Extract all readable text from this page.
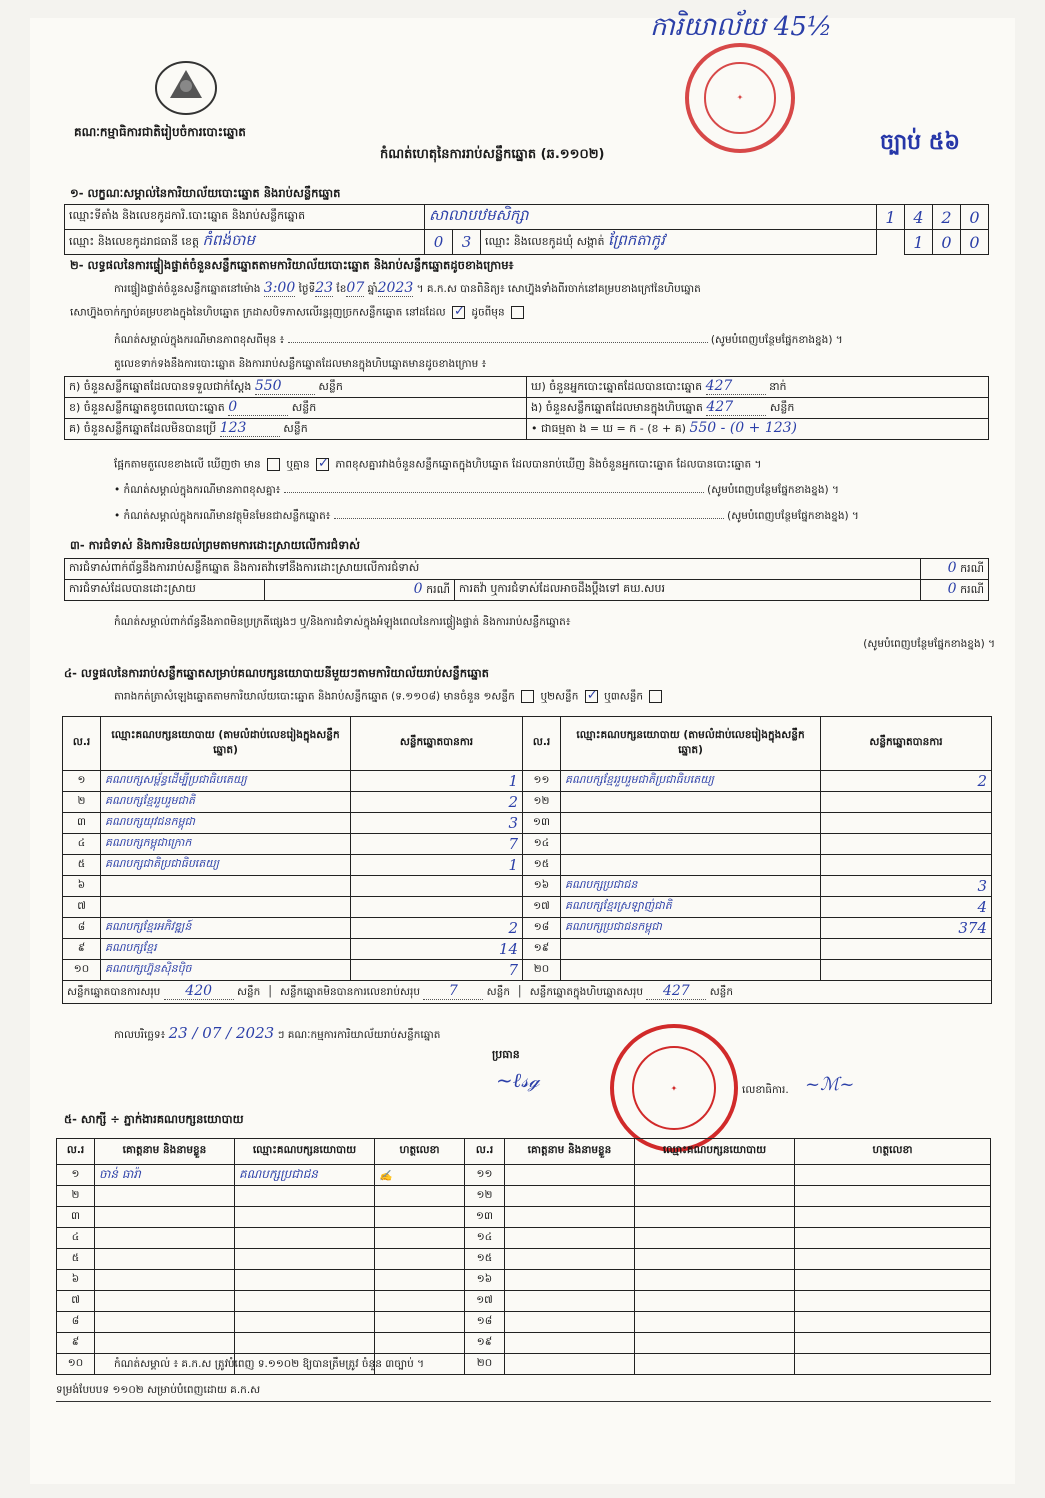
ការិយាល័យ​ 45½
គណៈកម្មាធិការជាតិរៀបចំការបោះឆ្នោត
កំណត់ហេតុនៃការរាប់សន្លឹកឆ្នោត (ឆ.១១០២)	ច្បាប់ ៥៦
✦
១- លក្ខណៈសម្គាល់នៃការិយាល័យបោះឆ្នោត និងរាប់សន្លឹកឆ្នោត
ឈ្មោះទីតាំង និងលេខកូដការិ.បោះឆ្នោត និងរាប់សន្លឹកឆ្នោត	សាលាបឋមសិក្សា			1	4	2	0
ឈ្មោះ និងលេខកូដរាជធានី ខេត្ត កំពង់ចាម	0	3	ឈ្មោះ និងលេខកូដឃុំ សង្កាត់ ព្រែកតាកូវ		1	0	0
២- លទ្ធផលនៃការផ្ទៀងផ្ទាត់ចំនួនសន្លឹកឆ្នោតតាមការិយាល័យបោះឆ្នោត និងរាប់សន្លឹកឆ្នោតដូចខាងក្រោម៖
ការផ្ទៀងផ្ទាត់ចំនួនសន្លឹកឆ្នោតនៅម៉ោង 3:00 ថ្ងៃទី23 ខែ07 ឆ្នាំ2023 ។ គ.ក.ស បានពិនិត្យ៖ សោហ្វ៊ុងទាំងពីរចាក់នៅគម្របខាងក្រៅនៃហិបឆ្នោត
សោហ្វ៊ុងចាក់ក្បាប់គម្របខាងក្នុងនៃហិបឆ្នោត ក្រដាសបិទភាសលើរន្ធរុញច្រកសន្លឹកឆ្នោត នៅដដែល ✓ ដូចពីមុន
កំណត់សម្គាល់ក្នុងករណីមានភាពខុសពីមុន ៖	(សូមបំពេញបន្ថែមផ្នែកខាងខ្នង) ។
តួលេខទាក់ទងនឹងការបោះឆ្នោត និងការរាប់សន្លឹកឆ្នោតដែលមានក្នុងហិបឆ្នោតមានដូចខាងក្រោម ៖
ក) ចំនួនសន្លឹកឆ្នោតដែលបានទទួលជាក់ស្តែង 550 សន្លឹក	ឃ) ចំនួនអ្នកបោះឆ្នោតដែលបានបោះឆ្នោត 427 នាក់
ខ) ចំនួនសន្លឹកឆ្នោតខូចពេលបោះឆ្នោត 0 សន្លឹក	ង) ចំនួនសន្លឹកឆ្នោតដែលមានក្នុងហិបឆ្នោត 427 សន្លឹក
គ) ចំនួនសន្លឹកឆ្នោតដែលមិនបានប្រើ 123 សន្លឹក	• ជាធម្មតា ង = ឃ = ក - (ខ + គ) 550 - (0 + 123)
ផ្អែកតាមតួលេខខាងលើ ឃើញថា មាន ឬគ្មាន ✓ ភាពខុសគ្នារវាងចំនួនសន្លឹកឆ្នោតក្នុងហិបឆ្នោត ដែលបានរាប់ឃើញ និងចំនួនអ្នកបោះឆ្នោត ដែលបានបោះឆ្នោត ។
• កំណត់សម្គាល់ក្នុងករណីមានភាពខុសគ្នា៖	(សូមបំពេញបន្ថែមផ្នែកខាងខ្នង) ។
• កំណត់សម្គាល់ក្នុងករណីមានវត្ថុមិនមែនជាសន្លឹកឆ្នោត៖	(សូមបំពេញបន្ថែមផ្នែកខាងខ្នង) ។
៣- ការជំទាស់ និងការមិនយល់ព្រមតាមការដោះស្រាយលើការជំទាស់
ការជំទាស់ពាក់ព័ន្ធនឹងការរាប់សន្លឹកឆ្នោត និងការតវ៉ាទៅនឹងការដោះស្រាយលើការជំទាស់			0 ករណី
ការជំទាស់ដែលបានដោះស្រាយ	0 ករណី	ការតវ៉ា ឬការជំទាស់ដែលអាចដឹងប្តឹងទៅ គឃ.សបរ	0 ករណី
កំណត់សម្គាល់ពាក់ព័ន្ធនឹងភាពមិនប្រក្រតីផ្សេងៗ ឬ/និងការជំទាស់ក្នុងអំឡុងពេលនៃការផ្ទៀងផ្ទាត់ និងការរាប់សន្លឹកឆ្នោត៖
(សូមបំពេញបន្ថែមផ្នែកខាងខ្នង) ។
៤- លទ្ធផលនៃការរាប់សន្លឹកឆ្នោតសម្រាប់គណបក្សនយោបាយនីមួយៗតាមការិយាល័យរាប់សន្លឹកឆ្នោត
តារាងកត់ត្រាសំឡេងឆ្នោតតាមការិយាល័យបោះឆ្នោត និងរាប់សន្លឹកឆ្នោត (ទ.១១០៨) មានចំនួន ១សន្លឹក ឬ២សន្លឹក ✓ ឬ៣សន្លឹក
ល.រ	ឈ្មោះគណបក្សនយោបាយ (តាមលំដាប់លេខរៀងក្នុងសន្លឹកឆ្នោត)	សន្លឹកឆ្នោតបានការ	ល.រ	ឈ្មោះគណបក្សនយោបាយ (តាមលំដាប់លេខរៀងក្នុងសន្លឹកឆ្នោត)	សន្លឹកឆ្នោតបានការ
១	គណបក្សសម្ព័ន្ធដើម្បីប្រជាធិបតេយ្យ	1	១១	គណបក្សខ្មែររួបរួមជាតិប្រជាធិបតេយ្យ	2
២	គណបក្សខ្មែររួបរួមជាតិ	2	១២		
៣	គណបក្សយុវជនកម្ពុជា	3	១៣		
៤	គណបក្សកម្ពុជាក្រោក	7	១៤		
៥	គណបក្សជាតិប្រជាធិបតេយ្យ	1	១៥		
៦			១៦	គណបក្សប្រជាជន	3
៧			១៧	គណបក្សខ្មែរស្រឡាញ់ជាតិ	4
៨	គណបក្សខ្មែរអភិវឌ្ឍន៍	2	១៨	គណបក្សប្រជាជនកម្ពុជា	374
៩	គណបក្សខ្មែរ	14	១៩		
១០	គណបក្សហ្វ៊ុនស៊ិនប៉ិច	7	២០		
សន្លឹកឆ្នោតបានការសរុប 420 សន្លឹក  │  សន្លឹកឆ្នោតមិនបានការលេខរាប់សរុប 7 សន្លឹក  │  សន្លឹកឆ្នោតក្នុងហិបឆ្នោតសរុប 427 សន្លឹក					
កាលបរិច្ឆេទ៖ 23 / 07 / 2023 ៗ គណៈកម្មការការិយាល័យរាប់សន្លឹកឆ្នោត
ប្រធាន
~ℓ𝓈ℊ	✦	លេខាធិការ. ~ℳ~
៥- សាក្សី ÷ ភ្នាក់ងារគណបក្សនយោបាយ
ល.រ	គោត្តនាម និងនាមខ្លួន	ឈ្មោះគណបក្សនយោបាយ	ហត្ថលេខា	ល.រ	គោត្តនាម និងនាមខ្លួន	ឈ្មោះគណបក្សនយោបាយ	ហត្ថលេខា
១	ចាន់ ធារ៉ា	គណបក្សប្រជាជន	✍	១១			
២				១២			
៣				១៣			
៤				១៤			
៥				១៥			
៦				១៦			
៧				១៧			
៨				១៨			
៩				១៩			
១០				២០			
កំណត់សម្គាល់ ៖ គ.ក.ស ត្រូវបំពេញ ទ.១១០២ ឱ្យបានត្រឹមត្រូវ ចំនួន ៣ច្បាប់ ។
ទម្រង់បែបបទ ១១០២ សម្រាប់បំពេញដោយ គ.ក.ស
